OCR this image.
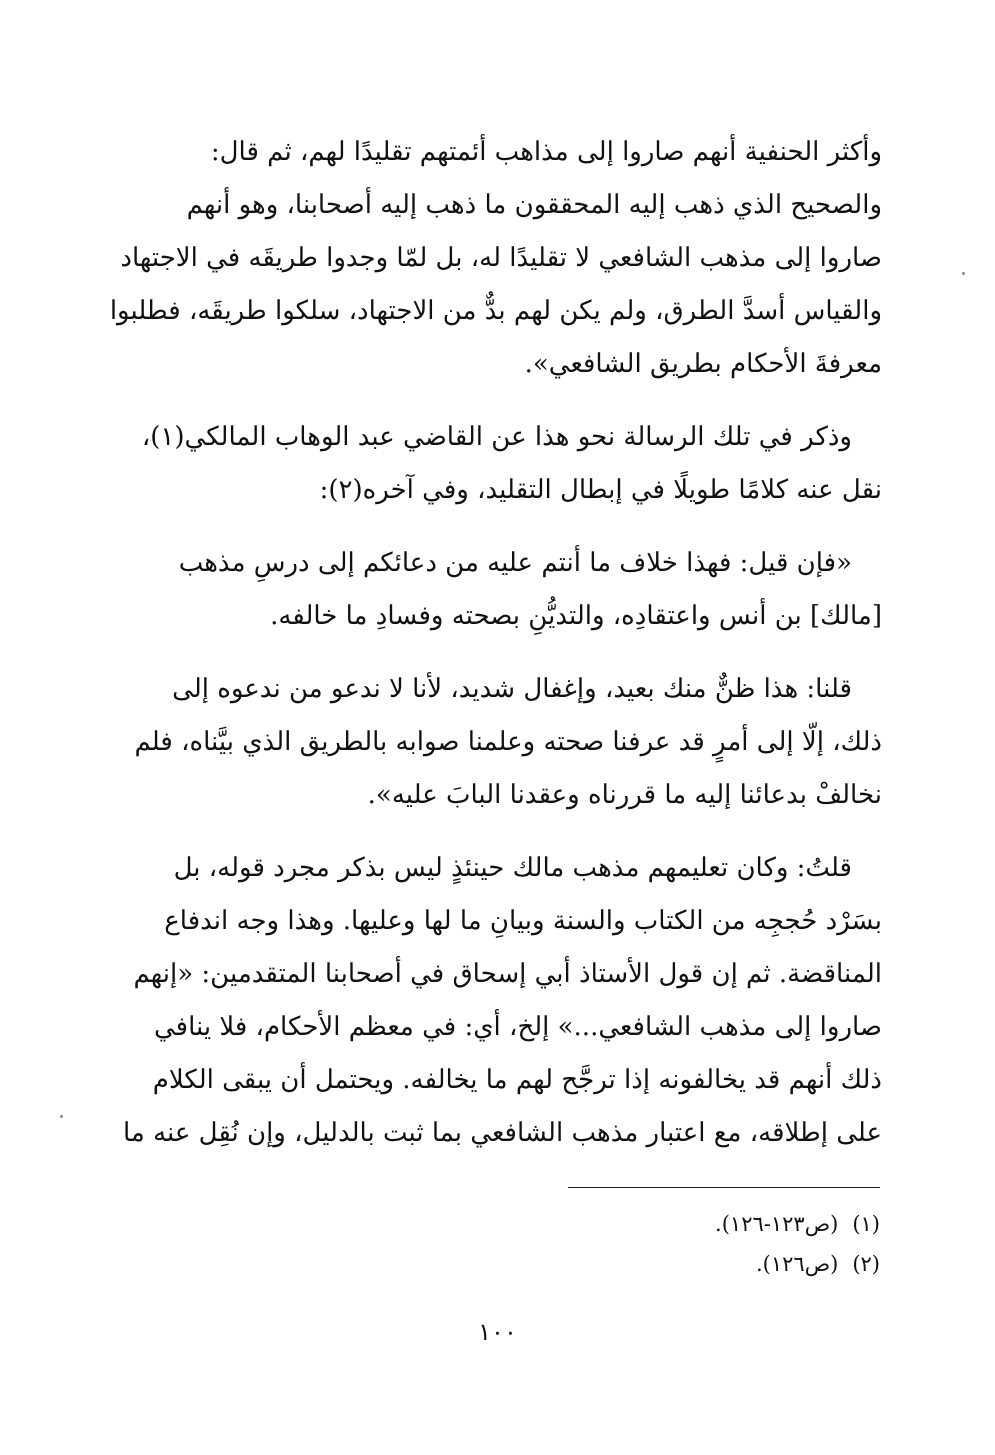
وأكثر الحنفية أنهم صاروا إلى مذاهب أئمتهم تقليدًا لهم، ثم قال:
والصحيح الذي ذهب إليه المحققون ما ذهب إليه أصحابنا، وهو أنهم
صاروا إلى مذهب الشافعي لا تقليدًا له، بل لمّا وجدوا طريقَه في الاجتهاد
والقياس أسدَّ الطرق، ولم يكن لهم بدٌّ من الاجتهاد، سلكوا طريقَه، فطلبوا
معرفةَ الأحكام بطريق الشافعي».

وذكر في تلك الرسالة نحو هذا عن القاضي عبد الوهاب المالكي(١)،
نقل عنه كلامًا طويلًا في إبطال التقليد، وفي آخره(٢):

«فإن قيل: فهذا خلاف ما أنتم عليه من دعائكم إلى درسِ مذهب
[مالك] بن أنس واعتقادِه، والتديُّنِ بصحته وفسادِ ما خالفه.

قلنا: هذا ظنٌّ منك بعيد، وإغفال شديد، لأنا لا ندعو من ندعوه إلى
ذلك، إلّا إلى أمرٍ قد عرفنا صحته وعلمنا صوابه بالطريق الذي بيَّناه، فلم
نخالفْ بدعائنا إليه ما قررناه وعقدنا البابَ عليه».

قلتُ: وكان تعليمهم مذهب مالك حينئذٍ ليس بذكر مجرد قوله، بل
بسَرْد حُججِه من الكتاب والسنة وبيانِ ما لها وعليها. وهذا وجه اندفاع
المناقضة. ثم إن قول الأستاذ أبي إسحاق في أصحابنا المتقدمين: «إنهم
صاروا إلى مذهب الشافعي...» إلخ، أي: في معظم الأحكام، فلا ينافي
ذلك أنهم قد يخالفونه إذا ترجَّح لهم ما يخالفه. ويحتمل أن يبقى الكلام
على إطلاقه، مع اعتبار مذهب الشافعي بما ثبت بالدليل، وإن نُقِل عنه ما

(١)(ص١٢٣-١٢٦).
(٢)(ص١٢٦).
١٠٠
